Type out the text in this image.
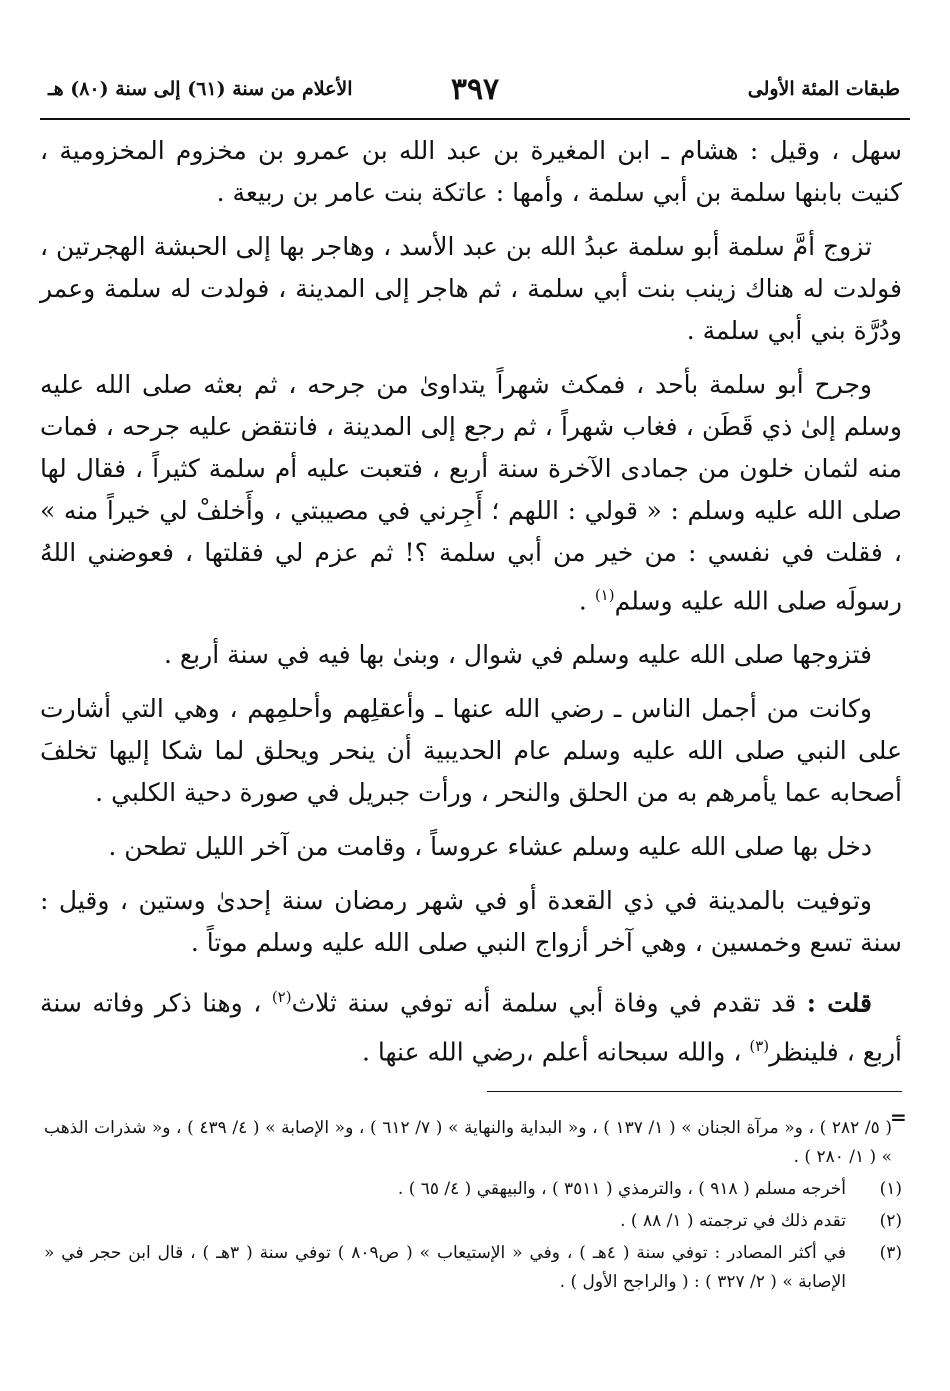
طبقات المئة الأولى
٣٩٧
الأعلام من سنة (٦١) إلى سنة (٨٠) هـ

سهل ، وقيل : هشام ـ ابن المغيرة بن عبد الله بن عمرو بن مخزوم المخزومية ، كنيت بابنها سلمة بن أبي سلمة ، وأمها : عاتكة بنت عامر بن ربيعة .

تزوج أمَّ سلمة أبو سلمة عبدُ الله بن عبد الأسد ، وهاجر بها إلى الحبشة الهجرتين ، فولدت له هناك زينب بنت أبي سلمة ، ثم هاجر إلى المدينة ، فولدت له سلمة وعمر ودُرَّة بني أبي سلمة .

وجرح أبو سلمة بأحد ، فمكث شهراً يتداوىٰ من جرحه ، ثم بعثه صلى الله عليه وسلم إلىٰ ذي قَطَن ، فغاب شهراً ، ثم رجع إلى المدينة ، فانتقض عليه جرحه ، فمات منه لثمان خلون من جمادى الآخرة سنة أربع ، فتعبت عليه أم سلمة كثيراً ، فقال لها صلى الله عليه وسلم : « قولي : اللهم ؛ أَجِرني في مصيبتي ، وأَخلفْ لي خيراً منه » ، فقلت في نفسي : من خير من أبي سلمة ؟! ثم عزم لي فقلتها ، فعوضني اللهُ رسولَه صلى الله عليه وسلم$^{(١)}$ .

فتزوجها صلى الله عليه وسلم في شوال ، وبنىٰ بها فيه في سنة أربع .

وكانت من أجمل الناس ـ رضي الله عنها ـ وأعقلِهم وأحلمِهم ، وهي التي أشارت على النبي صلى الله عليه وسلم عام الحديبية أن ينحر ويحلق لما شكا إليها تخلفَ أصحابه عما يأمرهم به من الحلق والنحر ، ورأت جبريل في صورة دحية الكلبي .

دخل بها صلى الله عليه وسلم عشاء عروساً ، وقامت من آخر الليل تطحن .

وتوفيت بالمدينة في ذي القعدة أو في شهر رمضان سنة إحدىٰ وستين ، وقيل : سنة تسع وخمسين ، وهي آخر أزواج النبي صلى الله عليه وسلم موتاً .

قلت : قد تقدم في وفاة أبي سلمة أنه توفي سنة ثلاث$^{(٢)}$ ، وهنا ذكر وفاته سنة أربع ، فلينظر$^{(٣)}$ ، والله سبحانه أعلم ،رضي الله عنها .

=
( ٥/ ٢٨٢ ) ، و« مرآة الجنان » ( ١/ ١٣٧ ) ، و« البداية والنهاية » ( ٧/ ٦١٢ ) ، و« الإصابة » ( ٤/ ٤٣٩ ) ، و« شذرات الذهب » ( ١/ ٢٨٠ ) .
(١)
أخرجه مسلم ( ٩١٨ ) ، والترمذي ( ٣٥١١ ) ، والبيهقي ( ٤/ ٦٥ ) .
(٢)
تقدم ذلك في ترجمته ( ١/ ٨٨ ) .
(٣)
في أكثر المصادر : توفي سنة ( ٤هـ ) ، وفي « الإستيعاب » ( ص٨٠٩ ) توفي سنة ( ٣هـ ) ، قال ابن حجر في « الإصابة » ( ٢/ ٣٢٧ ) : ( والراجح الأول ) .
